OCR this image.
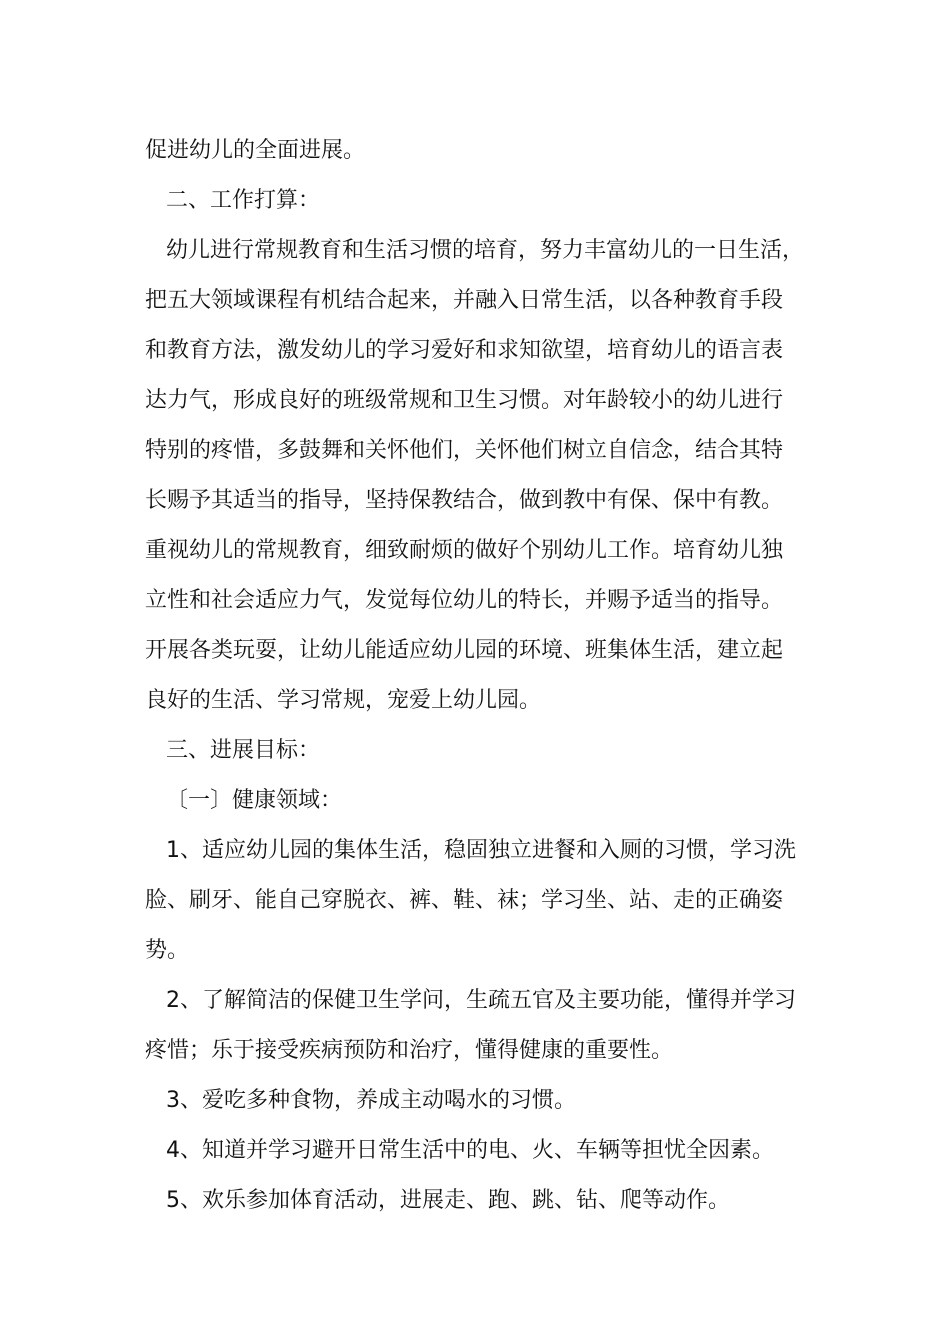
促进幼儿的全面进展。

二、工作打算：

幼儿进行常规教育和生活习惯的培育，努力丰富幼儿的一日生活，

把五大领域课程有机结合起来，并融入日常生活，以各种教育手段

和教育方法，激发幼儿的学习爱好和求知欲望，培育幼儿的语言表

达力气，形成良好的班级常规和卫生习惯。对年龄较小的幼儿进行

特别的疼惜，多鼓舞和关怀他们，关怀他们树立自信念，结合其特

长赐予其适当的指导，坚持保教结合，做到教中有保、保中有教。

重视幼儿的常规教育，细致耐烦的做好个别幼儿工作。培育幼儿独

立性和社会适应力气，发觉每位幼儿的特长，并赐予适当的指导。

开展各类玩耍，让幼儿能适应幼儿园的环境、班集体生活，建立起

良好的生活、学习常规，宠爱上幼儿园。

三、进展目标：

〔一〕健康领域：

1、适应幼儿园的集体生活，稳固独立进餐和入厕的习惯，学习洗

脸、刷牙、能自己穿脱衣、裤、鞋、袜；学习坐、站、走的正确姿

势。

2、了解简洁的保健卫生学问，生疏五官及主要功能，懂得并学习

疼惜；乐于接受疾病预防和治疗，懂得健康的重要性。

3、爱吃多种食物，养成主动喝水的习惯。

4、知道并学习避开日常生活中的电、火、车辆等担忧全因素。

5、欢乐参加体育活动，进展走、跑、跳、钻、爬等动作。
